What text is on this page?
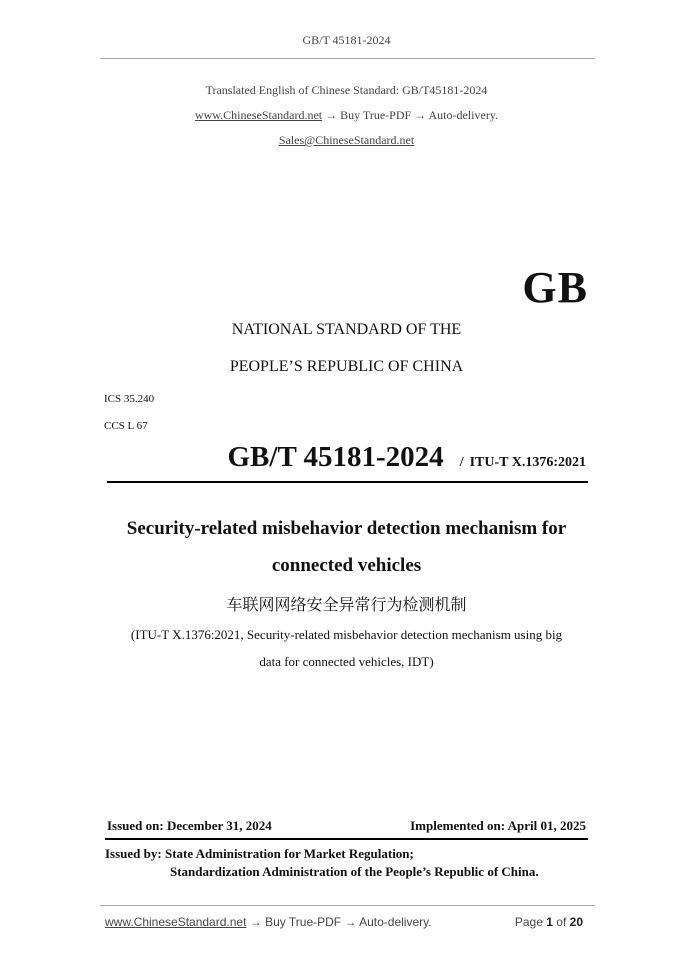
GB/T 45181-2024
Translated English of Chinese Standard: GB/T45181-2024
www.ChineseStandard.net → Buy True-PDF → Auto-delivery.
Sales@ChineseStandard.net
GB
NATIONAL STANDARD OF THE
PEOPLE’S REPUBLIC OF CHINA
ICS 35.240
CCS L 67
GB/T 45181-2024 / ITU-T X.1376:2021
Security-related misbehavior detection mechanism for
connected vehicles
车联网网络安全异常行为检测机制
(ITU-T X.1376:2021, Security-related misbehavior detection mechanism using big
data for connected vehicles, IDT)
Issued on: December 31, 2024	Implemented on: April 01, 2025
Issued by: State Administration for Market Regulation;
Standardization Administration of the People’s Republic of China.
www.ChineseStandard.net → Buy True-PDF → Auto-delivery.	Page 1 of 20
